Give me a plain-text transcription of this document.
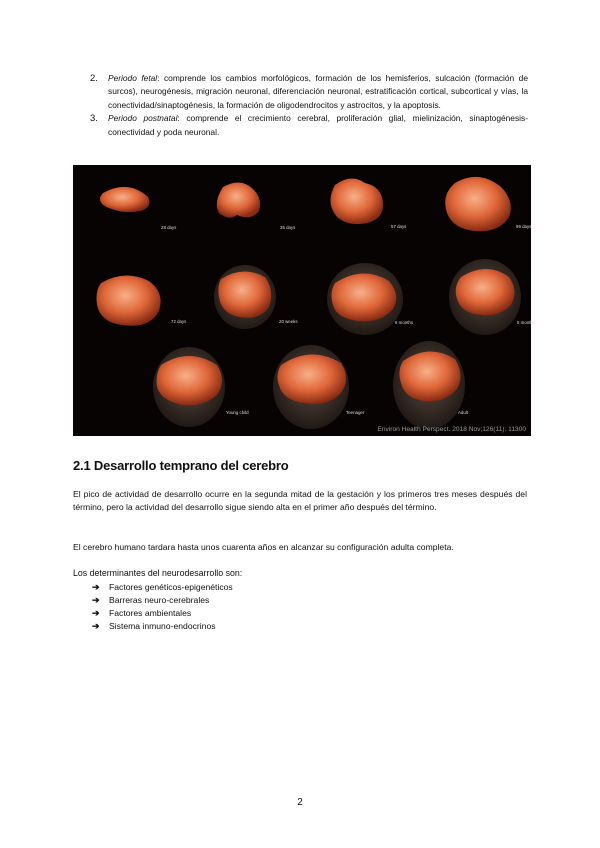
2.	Periodo fetal: comprende los cambios morfológicos, formación de los hemisferios, sulcación (formación de surcos), neurogénesis, migración neuronal, diferenciación neuronal, estratificación cortical, subcortical y vías, la conectividad/sinaptogénesis, la formación de oligodendrocitos y astrocitos, y la apoptosis.
3.	Periodo postnatal: comprende el crecimiento cerebral, proliferación glial, mielinización, sinaptogénesis-conectividad y poda neuronal.
28 days	35 days	57 days	99 days
72 days	20 weeks	6 months	5 months
Young child	Teenager	Adult
Environ Health Perspect. 2018 Nov;126(11): 11300
2.1 Desarrollo temprano del cerebro
El pico de actividad de desarrollo ocurre en la segunda mitad de la gestación y los primeros tres meses después del término, pero la actividad del desarrollo sigue siendo alta en el primer año después del término.
El cerebro humano tardara hasta unos cuarenta años en alcanzar su configuración adulta completa.
Los determinantes del neurodesarrollo son:
➔	Factores genéticos-epigenéticos
➔	Barreras neuro-cerebrales
➔	Factores ambientales
➔	Sistema inmuno-endocrinos
2
